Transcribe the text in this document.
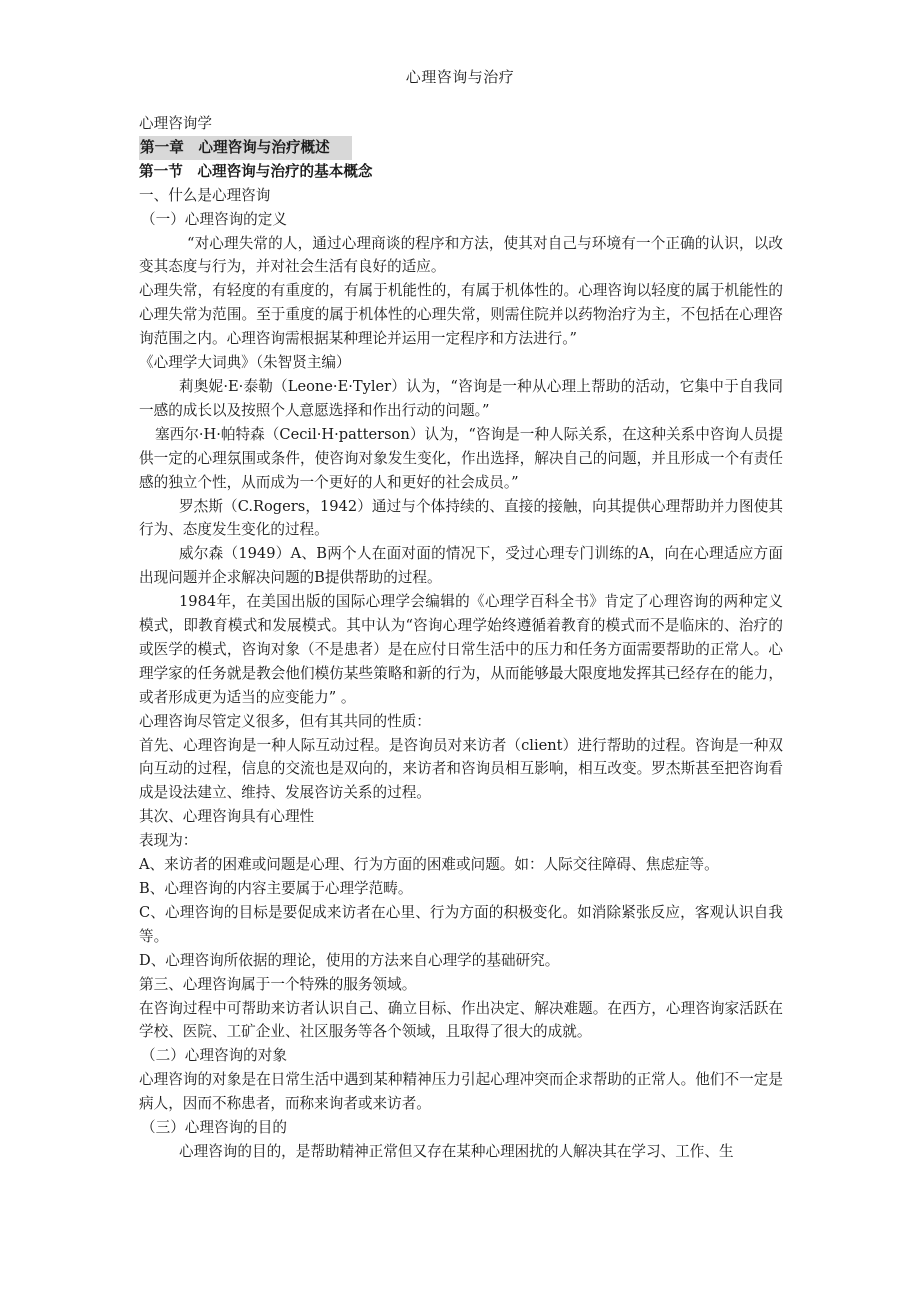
心理咨询与治疗

心理咨询学

第一章　心理咨询与治疗概述

第一节　心理咨询与治疗的基本概念

一、什么是心理咨询

（一）心理咨询的定义

“对心理失常的人，通过心理商谈的程序和方法，使其对自己与环境有一个正确的认识，以改变其态度与行为，并对社会生活有良好的适应。

心理失常，有轻度的有重度的，有属于机能性的，有属于机体性的。心理咨询以轻度的属于机能性的心理失常为范围。至于重度的属于机体性的心理失常，则需住院并以药物治疗为主，不包括在心理咨询范围之内。心理咨询需根据某种理论并运用一定程序和方法进行。”

《心理学大词典》（朱智贤主编）

莉奥妮·E·泰勒（Leone·E·Tyler）认为，“咨询是一种从心理上帮助的活动，它集中于自我同一感的成长以及按照个人意愿选择和作出行动的问题。”

塞西尔·H·帕特森（Cecil·H·patterson）认为，“咨询是一种人际关系，在这种关系中咨询人员提供一定的心理氛围或条件，使咨询对象发生变化，作出选择，解决自己的问题，并且形成一个有责任感的独立个性，从而成为一个更好的人和更好的社会成员。”

罗杰斯（C.Rogers，1942）通过与个体持续的、直接的接触，向其提供心理帮助并力图使其行为、态度发生变化的过程。

威尔森（1949）A、B两个人在面对面的情况下，受过心理专门训练的A，向在心理适应方面出现问题并企求解决问题的B提供帮助的过程。

1984年，在美国出版的国际心理学会编辑的《心理学百科全书》肯定了心理咨询的两种定义模式，即教育模式和发展模式。其中认为“咨询心理学始终遵循着教育的模式而不是临床的、治疗的或医学的模式，咨询对象（不是患者）是在应付日常生活中的压力和任务方面需要帮助的正常人。心理学家的任务就是教会他们模仿某些策略和新的行为，从而能够最大限度地发挥其已经存在的能力，或者形成更为适当的应变能力” 。

心理咨询尽管定义很多，但有其共同的性质：

首先、心理咨询是一种人际互动过程。是咨询员对来访者（client）进行帮助的过程。咨询是一种双向互动的过程，信息的交流也是双向的，来访者和咨询员相互影响，相互改变。罗杰斯甚至把咨询看成是设法建立、维持、发展咨访关系的过程。

其次、心理咨询具有心理性

表现为：

A、来访者的困难或问题是心理、行为方面的困难或问题。如：人际交往障碍、焦虑症等。

B、心理咨询的内容主要属于心理学范畴。

C、心理咨询的目标是要促成来访者在心里、行为方面的积极变化。如消除紧张反应，客观认识自我等。

D、心理咨询所依据的理论，使用的方法来自心理学的基础研究。

第三、心理咨询属于一个特殊的服务领域。

在咨询过程中可帮助来访者认识自己、确立目标、作出决定、解决难题。在西方，心理咨询家活跃在学校、医院、工矿企业、社区服务等各个领域，且取得了很大的成就。

（二）心理咨询的对象

心理咨询的对象是在日常生活中遇到某种精神压力引起心理冲突而企求帮助的正常人。他们不一定是病人，因而不称患者，而称来询者或来访者。

（三）心理咨询的目的

心理咨询的目的，是帮助精神正常但又存在某种心理困扰的人解决其在学习、工作、生
